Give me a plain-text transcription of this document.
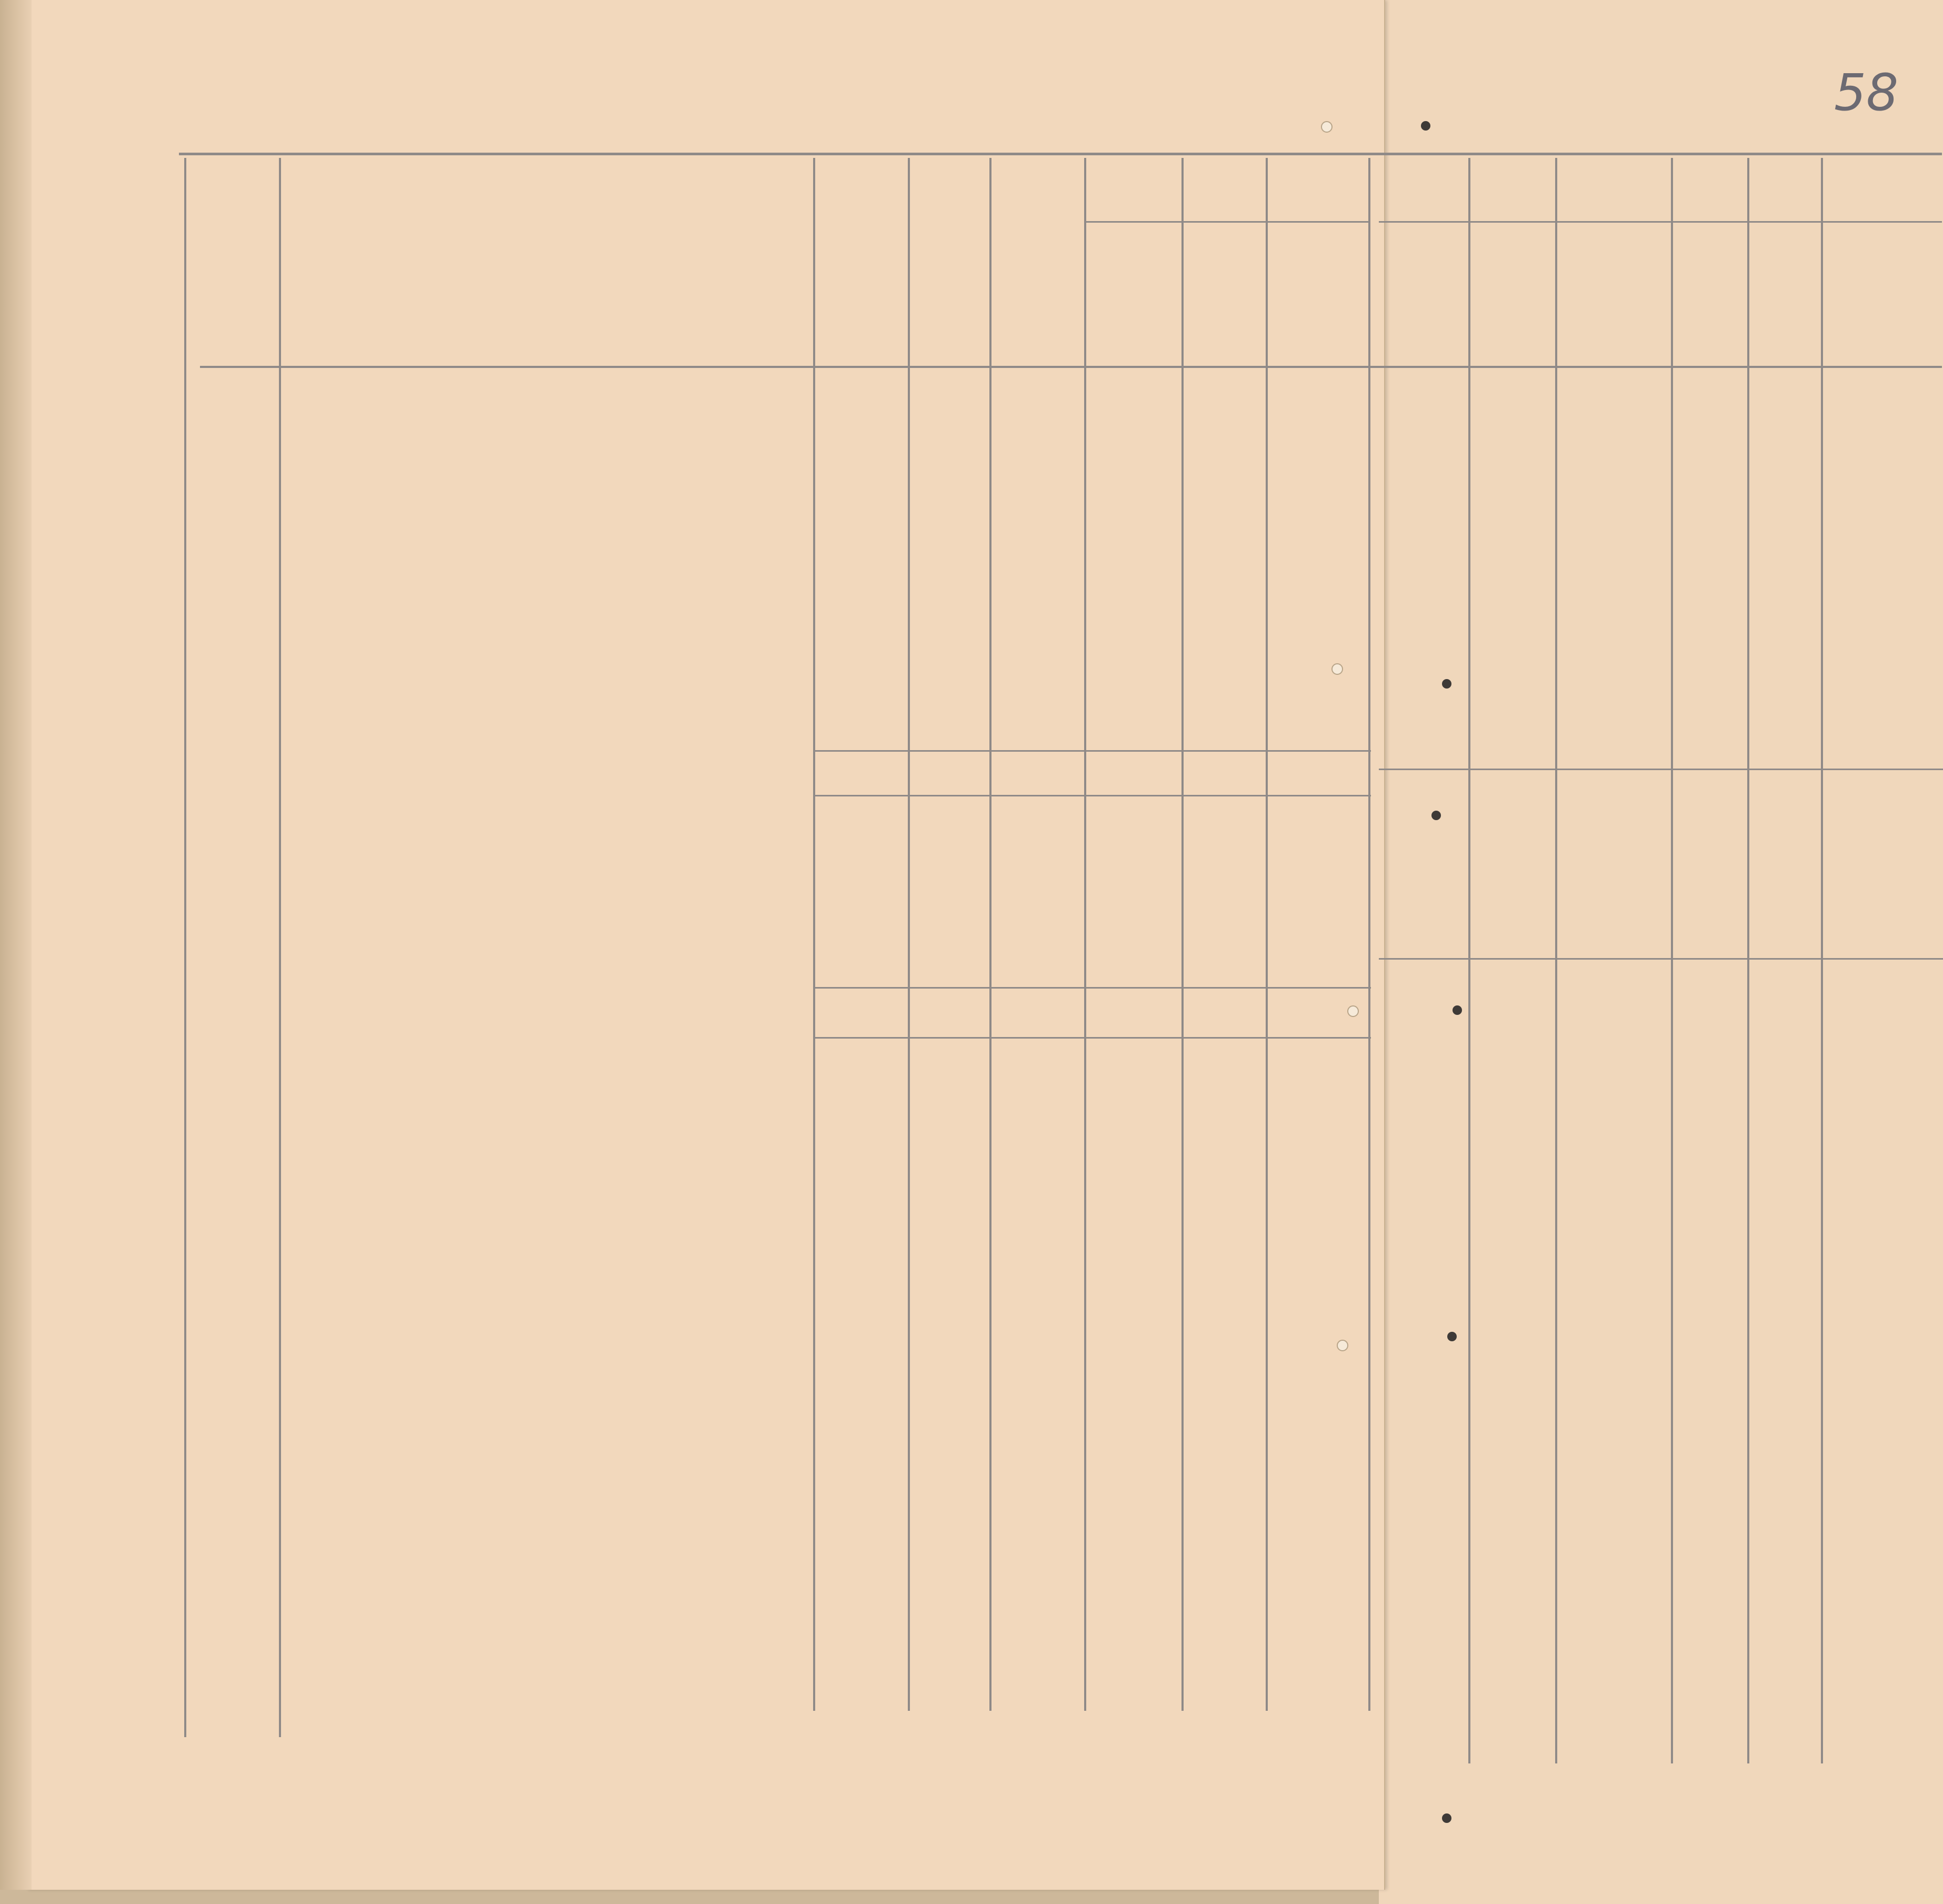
58
